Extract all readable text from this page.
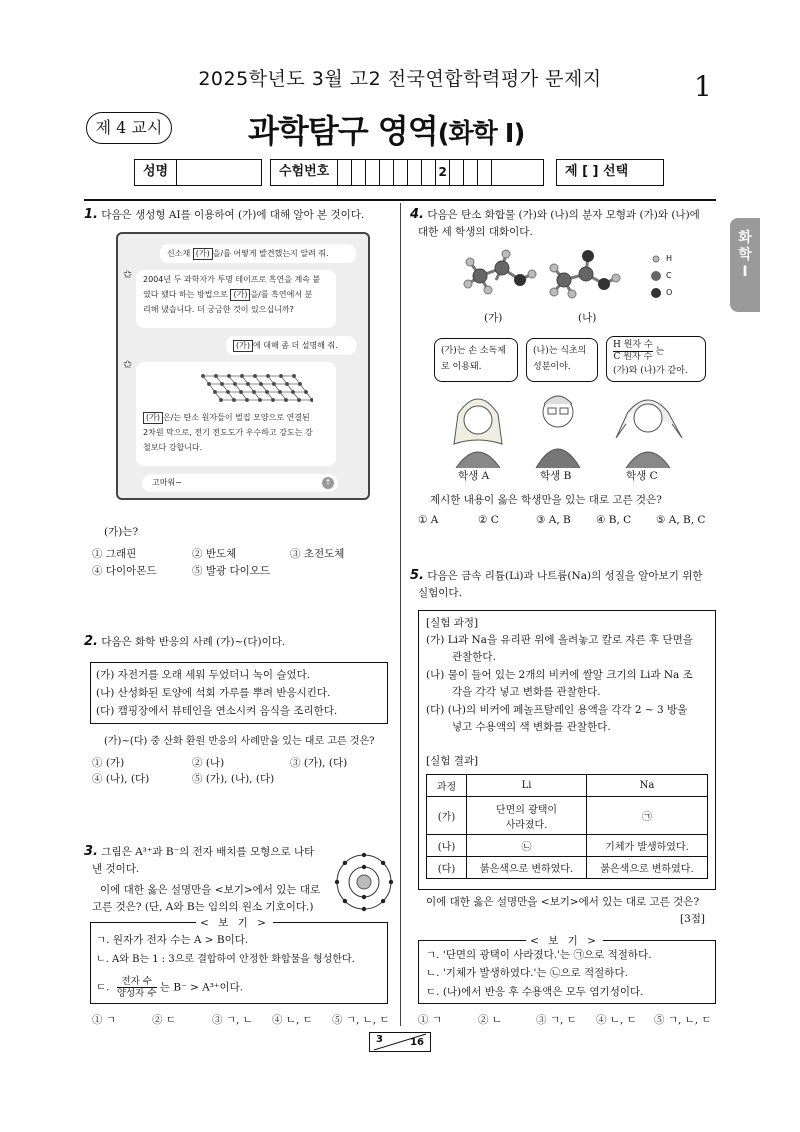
2025학년도 3월 고2 전국연합학력평가 문제지	1
제 4 교시	과학탐구 영역(화학 Ⅰ)
성명	수험번호	2	제 [ ] 선택
화
학
Ⅰ
1. 다음은 생성형 AI를 이용하여 (가)에 대해 알아 본 것이다.
신소재 (가) 을/를 어떻게 발견했는지 알려 줘.
✩ 2004년 두 과학자가 투명 테이프로 흑연을 계속 붙
였다 뗐다 하는 방법으로 (가) 을/를 흑연에서 분
리해 냈습니다. 더 궁금한 것이 있으십니까?
(가) 에 대해 좀 더 설명해 줘.
✩
(가) 은/는 탄소 원자들이 벌집 모양으로 연결된
2차원 막으로, 전기 전도도가 우수하고 강도는 강
철보다 강합니다.
고마워~	↑
(가)는?
① 그래핀	② 반도체	③ 초전도체
④ 다이아몬드	⑤ 발광 다이오드
2. 다음은 화학 반응의 사례 (가)~(다)이다.
(가) 자전거를 오래 세워 두었더니 녹이 슬었다.
(나) 산성화된 토양에 석회 가루를 뿌려 반응시킨다.
(다) 캠핑장에서 뷰테인을 연소시켜 음식을 조리한다.
(가)~(다) 중 산화 환원 반응의 사례만을 있는 대로 고른 것은?
① (가)	② (나)	③ (가), (다)
④ (나), (다)	⑤ (가), (나), (다)
3. 그림은 A³⁺과 B⁻의 전자 배치를 모형으로 나타
낸 것이다.
이에 대한 옳은 설명만을 <보기>에서 있는 대로
고른 것은? (단, A와 B는 임의의 원소 기호이다.)
< 보 기 >
ㄱ. 원자가 전자 수는 A > B이다.
ㄴ. A와 B는 1 : 3으로 결합하여 안정한 화합물을 형성한다.
ㄷ.	전자 수
양성자 수 는 B⁻ > A³⁺이다.
① ㄱ	② ㄷ	③ ㄱ, ㄴ ④ ㄴ, ㄷ ⑤ ㄱ, ㄴ, ㄷ
4. 다음은 탄소 화합물 (가)와 (나)의 분자 모형과 (가)와 (나)에
대한 세 학생의 대화이다.
H
C
O
(가)	(나)
(가)는 손 소독제
로 이용돼.
(나)는 식초의
성분이야.
H 원자 수
C 원자 수 는
(가)와 (나)가 같아.
학생 A	학생 B	학생 C
제시한 내용이 옳은 학생만을 있는 대로 고른 것은?
① A	② C	③ A, B ④ B, C ⑤ A, B, C
5. 다음은 금속 리튬(Li)과 나트륨(Na)의 성질을 알아보기 위한
실험이다.
[실험 과정]
(가) Li과 Na을 유리판 위에 올려놓고 칼로 자른 후 단면을
관찰한다.
(나) 물이 들어 있는 2개의 비커에 쌀알 크기의 Li과 Na 조
각을 각각 넣고 변화를 관찰한다.
(다) (나)의 비커에 페놀프탈레인 용액을 각각 2 ~ 3 방울
넣고 수용액의 색 변화를 관찰한다.
[실험 결과]
과정	Li	Na
(가)	단면의 광택이
사라졌다.	㉠
(나)	㉡	기체가 발생하였다.
(다)	붉은색으로 변하였다.	붉은색으로 변하였다.
이에 대한 옳은 설명만을 <보기>에서 있는 대로 고른 것은?
[3점]
< 보 기 >
ㄱ. '단면의 광택이 사라졌다.'는 ㉠으로 적절하다.
ㄴ. '기체가 발생하였다.'는 ㉡으로 적절하다.
ㄷ. (나)에서 반응 후 수용액은 모두 염기성이다.
① ㄱ	② ㄴ	③ ㄱ, ㄷ ④ ㄴ, ㄷ ⑤ ㄱ, ㄴ, ㄷ
3	16
